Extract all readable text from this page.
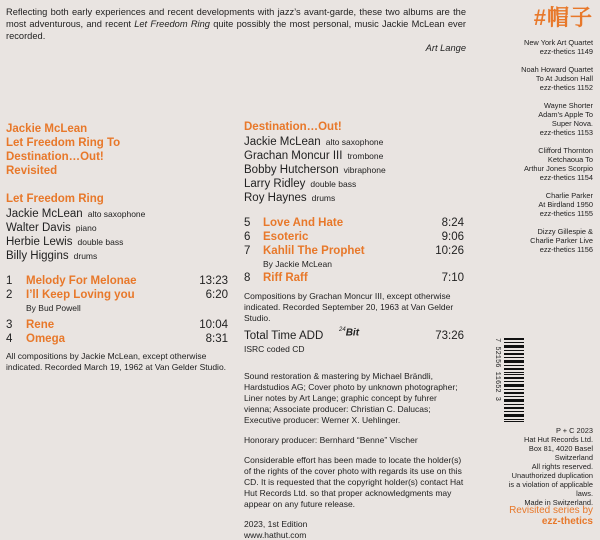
Reflecting both early experiences and recent developments with jazz’s avant-garde, these two albums are the most adventurous, and recent Let Freedom Ring quite possibly the most personal, music Jackie McLean ever recorded.
Art Lange
Jackie McLean
Let Freedom Ring To
Destination…Out!
Revisited
Let Freedom Ring
Jackie McLean alto saxophone
Walter Davis piano
Herbie Lewis double bass
Billy Higgins drums
1 Melody For Melonae	13:23
2 I’ll Keep Loving you	6:20
By Bud Powell
3 Rene	10:04
4 Omega	8:31
All compositions by Jackie McLean, except otherwise indicated. Recorded March 19, 1962 at Van Gelder Studio.
Destination…Out!
Jackie McLean alto saxophone
Grachan Moncur III trombone
Bobby Hutcherson vibraphone
Larry Ridley double bass
Roy Haynes drums
5 Love And Hate	8:24
6 Esoteric	9:06
7 Kahlil The Prophet	10:26
By Jackie McLean
8 Riff Raff	7:10
Compositions by Grachan Moncur III, except otherwise indicated. Recorded September 20, 1963 at Van Gelder Studio.
Total Time ADD	$^{24}$Bit	73:26
ISRC coded CD
Sound restoration & mastering by Michael Brändli, Hardstudios AG; Cover photo by unknown photographer; Liner notes by Art Lange; graphic concept by fuhrer vienna; Associate producer: Christian C. Dalucas; Executive producer: Werner X. Uehlinger.
Honorary producer: Bernhard “Benne” Vischer
Considerable effort has been made to locate the holder(s) of the rights of the cover photo with regards its use on this CD. It is requested that the copyright holder(s) contact Hat Hut Records Ltd. so that proper acknowledgments may appear on any future release.
2023, 1st Edition
www.hathut.com
#帽子
New York Art Quartet
ezz-thetics 1149
Noah Howard Quartet
To At Judson Hall
ezz-thetics 1152
Wayne Shorter
Adam’s Apple To
Super Nova.
ezz-thetics 1153
Clifford Thornton
Ketchaoua To
Arthur Jones Scorpio
ezz-thetics 1154
Charlie Parker
At Birdland 1950
ezz-thetics 1155
Dizzy Gillespie &
Charlie Parker Live
ezz-thetics 1156
7 52156 11652 3
P + C 2023
Hat Hut Records Ltd.
Box 81, 4020 Basel
Switzerland
All rights reserved.
Unauthorized duplication
is a violation of applicable laws.
Made in Switzerland.
Revisited series by
ezz-thetics
